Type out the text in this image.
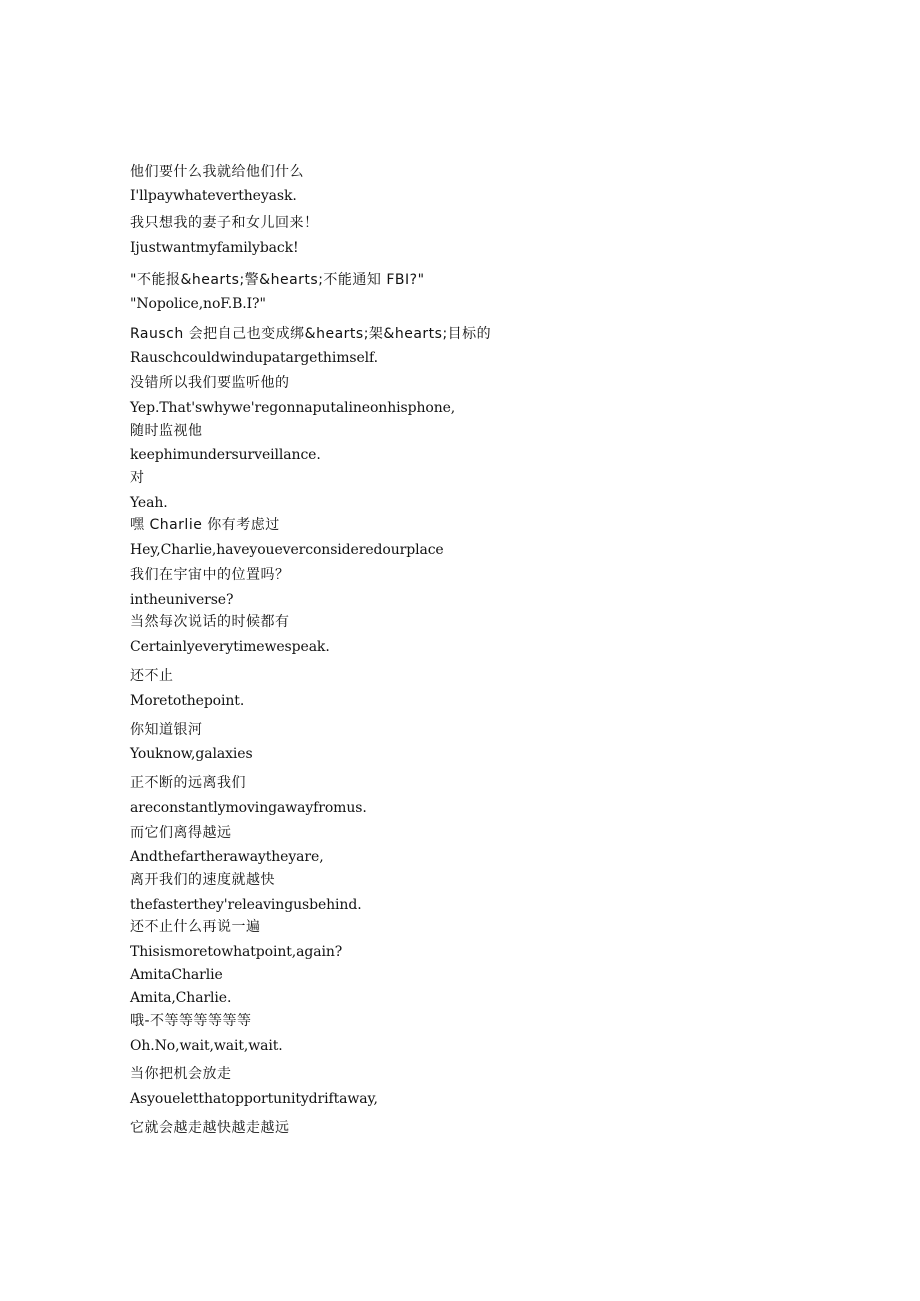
他们要什么我就给他们什么

I'llpaywhatevertheyask.

我只想我的妻子和女儿回来！

Ijustwantmyfamilyback!

"不能报&hearts;警&hearts;不能通知 FBI?"

"Nopolice,noF.B.I?"

Rausch 会把自己也变成绑&hearts;架&hearts;目标的

Rauschcouldwindupatargethimself.

没错所以我们要监听他的

Yep.That'swhywe'regonnaputalineonhisphone,

随时监视他

keephimundersurveillance.

对

Yeah.

嘿 Charlie 你有考虑过

Hey,Charlie,haveyoueverconsideredourplace

我们在宇宙中的位置吗？

intheuniverse?

当然每次说话的时候都有

Certainlyeverytimewespeak.

还不止

Moretothepoint.

你知道银河

Youknow,galaxies

正不断的远离我们

areconstantlymovingawayfromus.

而它们离得越远

Andthefartherawaytheyare,

离开我们的速度就越快

thefasterthey'releavingusbehind.

还不止什么再说一遍

Thisismoretowhatpoint,again?

AmitaCharlie

Amita,Charlie.

哦-不等等等等等等

Oh.No,wait,wait,wait.

当你把机会放走

Asyoueletthatopportunitydriftaway,

它就会越走越快越走越远
